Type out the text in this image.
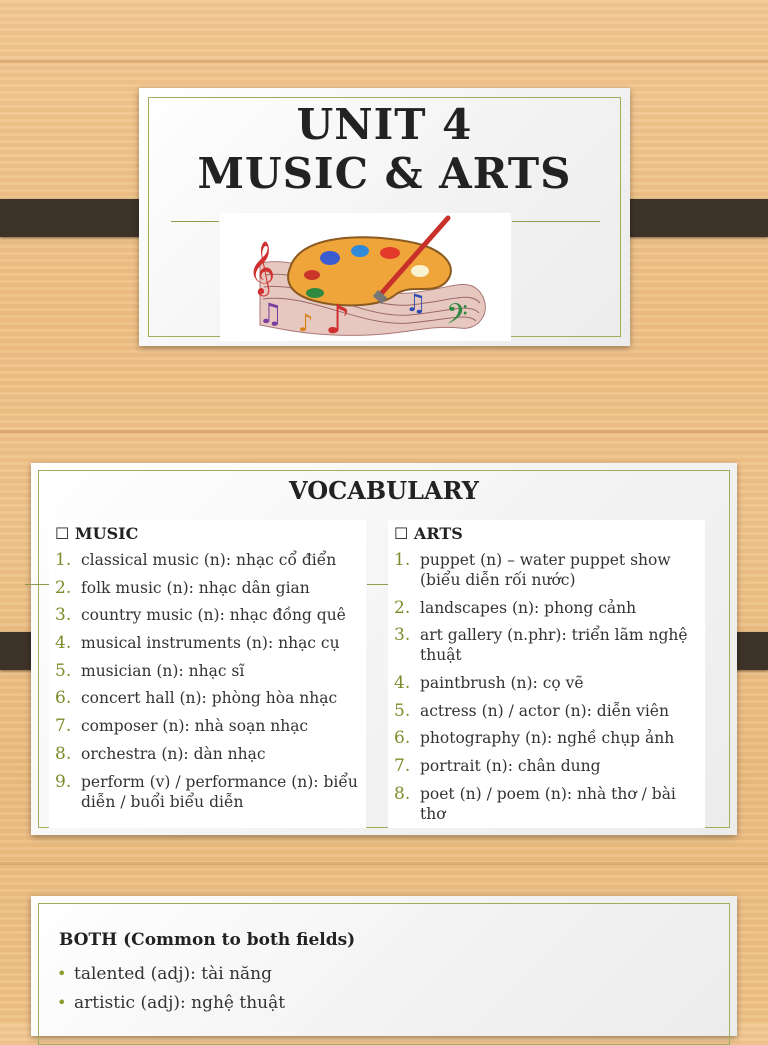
UNIT 4
MUSIC & ARTS
𝄞
♫ ♪ ♪ ♫ 𝄢
VOCABULARY
☐ MUSIC
1. classical music (n): nhạc cổ điển
2. folk music (n): nhạc dân gian
3. country music (n): nhạc đồng quê
4. musical instruments (n): nhạc cụ
5. musician (n): nhạc sĩ
6. concert hall (n): phòng hòa nhạc
7. composer (n): nhà soạn nhạc
8. orchestra (n): dàn nhạc
9. perform (v) / performance (n): biểu diễn / buổi biểu diễn
☐ ARTS
1. puppet (n) – water puppet show (biểu diễn rối nước)
2. landscapes (n): phong cảnh
3. art gallery (n.phr): triển lãm nghệ thuật
4. paintbrush (n): cọ vẽ
5. actress (n) / actor (n): diễn viên
6. photography (n): nghề chụp ảnh
7. portrait (n): chân dung
8. poet (n) / poem (n): nhà thơ / bài thơ
BOTH (Common to both fields)
• talented (adj): tài năng
• artistic (adj): nghệ thuật
